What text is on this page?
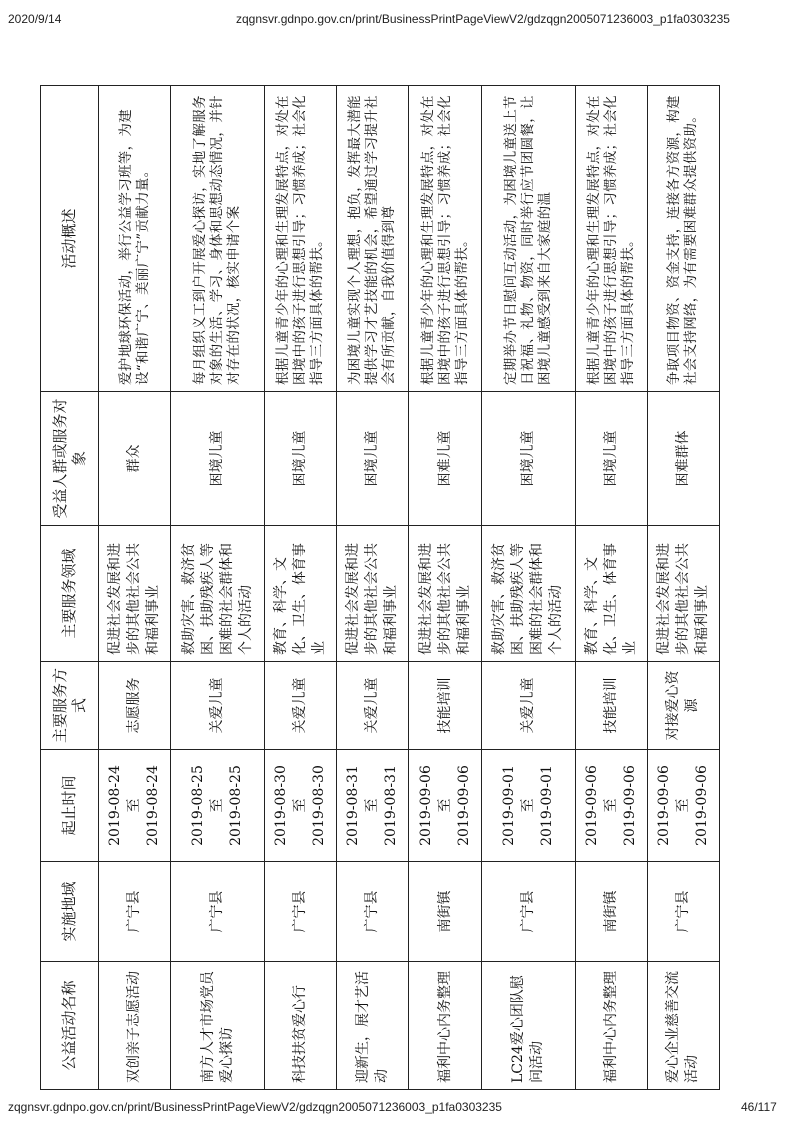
2020/9/14	zqgnsvr.gdnpo.gov.cn/print/BusinessPrintPageViewV2/gdzqgn2005071236003_p1fa0303235
公益活动名称	实施地域	起止时间	主要服务方式	主要服务领域	受益人群或服务对象	活动概述
双创亲子志愿活动	广宁县	2019-08-24 至 2019-08-24	志愿服务	促进社会发展和进步的其他社会公共和福利事业	群众	爱护地球环保活动，举行公益学习班等，为建设“和谐广宁、美丽广宁”贡献力量。
南方人才市场党员爱心探访	广宁县	2019-08-25 至 2019-08-25	关爱儿童	救助灾害、救济贫困、扶助残疾人等困难的社会群体和个人的活动	困境儿童	每月组织义工到户开展爱心探访，实地了解服务对象的生活、学习、身体和思想动态情况，并针对存在的状况，核实申请个案
科技扶贫爱心行	广宁县	2019-08-30 至 2019-08-30	关爱儿童	教育、科学、文化、卫生、体育事业	困境儿童	根据儿童青少年的心理和生理发展特点，对处在困境中的孩子进行思想引导；习惯养成；社会化指导三方面具体的帮扶。
迎新生，展才艺活动	广宁县	2019-08-31 至 2019-08-31	关爱儿童	促进社会发展和进步的其他社会公共和福利事业	困境儿童	为困境儿童实现个人理想，抱负，发挥最大潜能提供学习才艺技能的机会，希望通过学习提升社会有所贡献，自我价值得到尊
福利中心内务整理	南街镇	2019-09-06 至 2019-09-06	技能培训	促进社会发展和进步的其他社会公共和福利事业	困难儿童	根据儿童青少年的心理和生理发展特点，对处在困境中的孩子进行思想引导；习惯养成；社会化指导三方面具体的帮扶。
LC24爱心团队慰问活动	广宁县	2019-09-01 至 2019-09-01	关爱儿童	救助灾害、救济贫困、扶助残疾人等困难的社会群体和个人的活动	困境儿童	定期举办节日慰问互动活动，为困境儿童送上节日祝福、礼物、物资，同时举行应节团圆餐，让困境儿童感受到来自大家庭的温
福利中心内务整理	南街镇	2019-09-06 至 2019-09-06	技能培训	教育、科学、文化、卫生、体育事业	困境儿童	根据儿童青少年的心理和生理发展特点，对处在困境中的孩子进行思想引导；习惯养成；社会化指导三方面具体的帮扶。
爱心企业慈善交流活动	广宁县	2019-09-06 至 2019-09-06	对接爱心资源	促进社会发展和进步的其他社会公共和福利事业	困难群体	争取项目物资、资金支持，连接各方资源，构建社会支持网络，为有需要困难群众提供资助。
zqgnsvr.gdnpo.gov.cn/print/BusinessPrintPageViewV2/gdzqgn2005071236003_p1fa0303235	46/117
